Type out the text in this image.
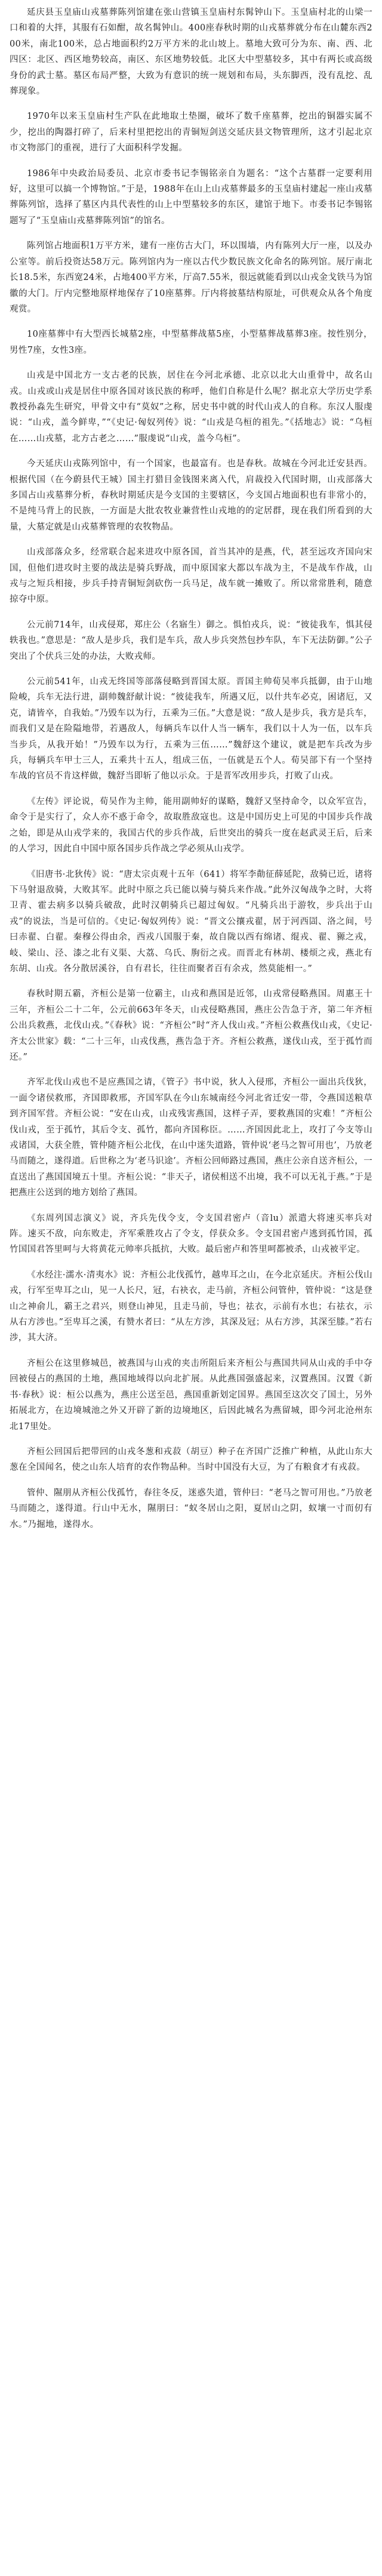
延庆县玉皇庙山戎墓葬陈列馆建在张山营镇玉皇庙村东髯钟山下。玉皇庙村北的山梁一口和着的大拌，其服有石如酣，故名髯钟山。400座春秋时期的山戎墓葬就分布在山麓东西200米，南北100米，总占地面积约2万平方米的北山坡上。墓地大致可分为东、南、西、北四区：北区、西区地势较高，南区、东区地势较低。北区大中型墓较多，其中有两长或高级身份的武士墓。墓区布局严整，大致为有意识的统一规划和布局，头东脚西，没有乱挖、乱葬现象。

1970年以来玉皇庙村生产队在此地取土垫圈，破坏了数千座墓葬，挖出的铜器实属不少，挖出的陶器打碎了，后来村里把挖出的青铜短剑送交延庆县文物管理所，这才引起北京市文物部门的重视，进行了大面积科学发掘。

1986年中央政治局委员、北京市委书记李锡铭亲自为题名：“这个古墓群一定要利用好，这里可以搞一个博物馆。”于是，1988年在山上山戎墓葬最多的玉皇庙村建起一座山戎墓葬陈列馆，选择了墓区内具代表性的山上中型墓较多的东区，建馆于地下。市委书记李锡铭题写了“玉皇庙山戎墓葬陈列馆”的馆名。

陈列馆占地面积1万平方米，建有一座仿古大门，环以围墙，内有陈列大厅一座，以及办公室等。前后投资达58万元。陈列馆内为一座以古代少数民族文化命名的陈列馆。展厅南北长18.5米，东西宽24米，占地400平方米，厅高7.55米，很远就能看到以山戎金戈铁马为馆徽的大门。厅内完整地原样地保存了10座墓葬。厅内将披墓结构原址，可供观众从各个角度观赏。

10座墓葬中有大型西长城墓2座，中型墓葬战墓5座，小型墓葬战墓葬3座。按性别分，男性7座，女性3座。

山戎是中国北方一支古老的民族，居住在今河北承德、北京以北大山重骨中，故名山戎。山戎或山戎是居住中原各国对该民族的称呼，他们自称是什么呢？据北京大学历史学系教授孙淼先生研究，甲骨文中有“莫奴”之称，居史书中就的时代山戎人的自称。东汉人服虔说：“山戎，盖今鲜卑，”“《史记·匈奴列传》说：“山戎是乌桓的祖先。”《括地志》说：“乌桓在……山戎墓，北方古老之……”服虔说“山戎，盖今乌桓”。

今天延庆山戎陈列馆中，有一个国家，也最富有。也是春秋。故城在今河北迁安县西。根据代国（在今蔚县代王城）国主打猎目金钱图来离入代，肩裁投入代国时期，山戎部落大多国占山戎墓葬分析，春秋时期延庆是今支国的主要辖区，今支国占地面积也有非常小的，不是纯马背上的民族，一方面是大批农牧业兼营性山戎地的的定居群，现在我们所看到的大量，大墓定就是山戎墓葬管理的农牧物品。

山戎部落众多，经常联合起来进攻中原各国，首当其冲的是燕，代，甚至远攻齐国向宋国，但他们进攻时主要的战法是骑兵野战，而中原国家大都以车战为主，不是战车作战，山戎与之短兵相接，步兵手持青铜短剑砍伤一兵马足，战车就一摊败了。所以常常胜利，随意掠夺中原。

公元前714年，山戎侵郑，郑庄公（名寤生）御之。惧怕戎兵，说：“彼徒我车，惧其侵轶我也。”意思是：“敌人是步兵，我们是车兵，敌人步兵突然包抄车队，车下无法防御。”公子突出了个伏兵三处的办法，大败戎师。

公元前541年，山戎无终国等部落侵略到晋国太原。晋国主帅荀吴率兵抵御，由于山地险峻，兵车无法行进，副帅魏舒献计说：“彼徒我车，所遇又厄，以什共车必克，困诸厄，又克，请皆卒，自我始。”乃毁车以为行，五乘为三伍。”大意是说：“敌人是步兵，我方是兵车，而我们又是在险隘地带，若遇敌人，每辆兵车以什人当一辆车，我们以十人为一伍，以车兵当步兵，从我开始！”乃毁车以为行，五乘为三伍……”魏舒这个建议，就是把车兵改为步兵，每辆兵车甲士三人，五乘共十五人，组成三伍，一伍就是五个人。荀吴部下有一个坚持车战的官员不肯这样做，魏舒当即斩了他以示众。于是晋军改用步兵，打败了山戎。

《左传》评论说，荀吴作为主帅，能用副帅好的谋略，魏舒又坚持命令，以众军宣告，命令于是实行了，众人亦不惑于命令，故取胜敌寇也。这是中国历史上可见的中国步兵作战之始，即是从山戎学来的，我国古代的步兵作战，后世突出的骑兵一度在赵武灵王后，后来的人学习，因此自中国中原各国步兵作战之学必须从山戎学。

《旧唐书·北狄传》说：“唐太宗贞观十五年（641）将军李勣征薛延陀，敌骑已近，诸将下马射退敌骑，大败其军。此时中原之兵已能以骑与骑兵来作战。”此外汉匈战争之时，大将卫青、霍去病多以骑兵破敌，此时汉朝骑兵已超过匈奴。“凡骑兵出于游牧，步兵出于山戎”的说法，当是可信的。《史记·匈奴列传》说：“晋文公攘戎翟，居于河西圁、洛之间，号曰赤翟、白翟。秦穆公得由余，西戎八国服于秦，故自陇以西有绵诸、绲戎、翟、豲之戎，岐、梁山、泾、漆之北有义渠、大荔、乌氏、朐衍之戎。而晋北有林胡、楼烦之戎，燕北有东胡、山戎。各分散居溪谷，自有君长，往往而聚者百有余戎，然莫能相一。”

春秋时期五霸，齐桓公是第一位霸主，山戎和燕国是近邻，山戎常侵略燕国。周惠王十三年，齐桓公二十二年，公元前663年冬天，山戎侵略燕国，燕庄公告急于齐，第二年齐桓公出兵救燕，北伐山戎。”《春秋》说：“齐桓公”时“齐人伐山戎。”齐桓公救燕伐山戎，《史记·齐太公世家》载：“二十三年，山戎伐燕，燕告急于齐。齐桓公救燕，遂伐山戎，至于孤竹而还。”

齐军北伐山戎也不是应燕国之请，《管子》书中说，狄人入侵邢，齐桓公一面出兵伐狄，一面令诸侯救邢，齐国即救邢，齐国军队在今山东城南经今河北省迁安一带，令燕国送粮草到齐国军营。齐桓公说：“安在山戎，山戎残害燕国，这样子弄，要救燕国的灾难！”齐桓公伐山戎，至于孤竹，其后令支、孤竹，都向齐国称臣。……齐国因此北上，攻打了今支等山戎诸国，大获全胜，管仲随齐桓公北伐，在山中迷失道路，管仲说‘老马之智可用也’，乃放老马而随之，遂得道。后世称之为‘老马识途’。齐桓公回师路过燕国，燕庄公亲自送齐桓公，一直送出了燕国国境五十里。齐桓公说：“非天子，诸侯相送不出境，我不可以无礼于燕。”于是把燕庄公送到的地方划给了燕国。

《东周列国志演义》说，齐兵先伐令支，令支国君密卢（音lu）派遣大将速买率兵对阵。速买不敌，向东败走，齐军乘胜攻占了令支，俘获众多。令支国君密卢逃到孤竹国，孤竹国国君答里呵与大将黄花元帅率兵抵抗，大败。最后密卢和答里呵都被杀，山戎被平定。

《水经注·濡水·清夷水》说：齐桓公北伐孤竹，越卑耳之山，在今北京延庆。齐桓公伐山戎，行军至卑耳之山，见一人长尺，冠，右袂衣，走马前，齐桓公问管仲，管仲说：“这是登山之神俞儿，霸王之君兴，则登山神见，且走马前，导也；祛衣，示前有水也；右祛衣，示从右方涉也。”至卑耳之溪，有赞水者曰：“从左方涉，其深及冠；从右方涉，其深至膝。”若右涉，其大济。

齐桓公在这里修城邑，被燕国与山戎的夹击所阻后来齐桓公与燕国共同从山戎的手中夺回被侵占的燕国的土地，燕国地域得以向北扩展。从此燕国强盛起来，汉置燕国。汉置《新书·春秋》说：桓公以燕为，燕庄公送至邑，燕国重新划定国界。燕国至这次交了国土，另外拓展北方，在边境城池之外又开辟了新的边境地区，后因此城名为燕留城，即今河北沧州东北17里处。

齐桓公回国后把带回的山戎冬葱和戎菽（胡豆）种子在齐国广泛推广种植，从此山东大葱在全国闻名，使之山东人培育的农作物品种。当时中国没有大豆，为了有粮食才有戎菽。

管仲、隰朋从齐桓公伐孤竹，春往冬反，迷惑失道，管仲曰：“老马之智可用也。”乃放老马而随之，遂得道。行山中无水，隰朋曰：“蚁冬居山之阳，夏居山之阴，蚁壤一寸而仞有水。”乃掘地，遂得水。
